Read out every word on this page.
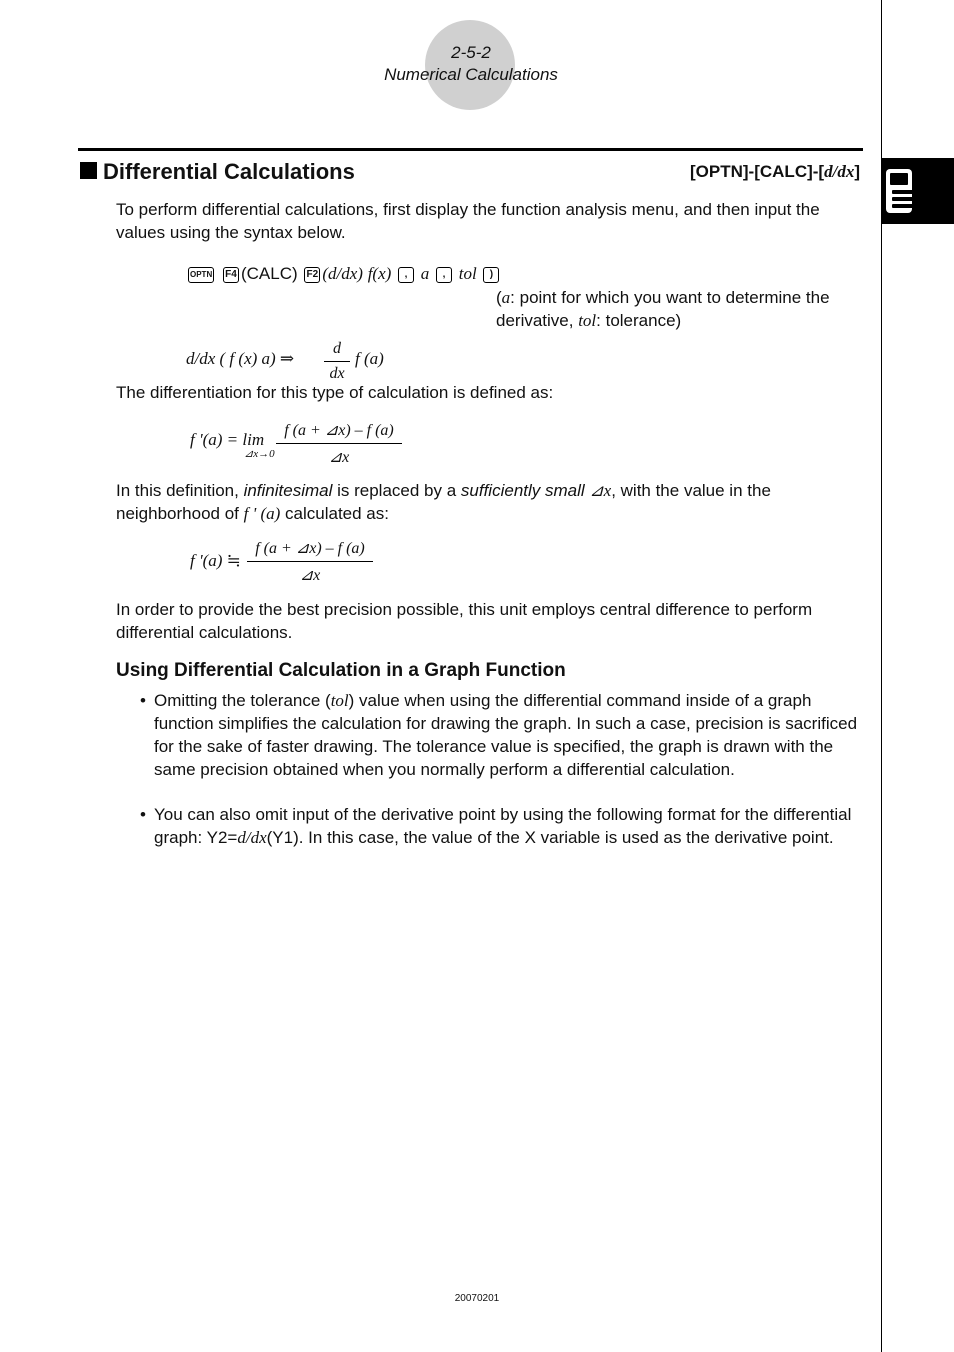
2-5-2
Numerical Calculations
Differential Calculations	[OPTN]-[CALC]-[d/dx]
To perform differential calculations, first display the function analysis menu, and then input the values using the syntax below.
OPTN F4 (CALC) F2 (d/dx) f(x) , a , tol )
(a: point for which you want to determine the derivative, tol: tolerance)
d/dx ( f (x) a) ⇒
d
dx
f (a)
The differentiation for this type of calculation is defined as:
f '(a) = lim
⊿x→0
f (a + ⊿x) – f (a)
⊿x
In this definition, infinitesimal is replaced by a sufficiently small ⊿x, with the value in the neighborhood of f ' (a) calculated as:
f '(a) ≒
f (a + ⊿x) – f (a)
⊿x
In order to provide the best precision possible, this unit employs central difference to perform differential calculations.
Using Differential Calculation in a Graph Function
• Omitting the tolerance (tol) value when using the differential command inside of a graph function simplifies the calculation for drawing the graph. In such a case, precision is sacrificed for the sake of faster drawing. The tolerance value is specified, the graph is drawn with the same precision obtained when you normally perform a differential calculation.
• You can also omit input of the derivative point by using the following format for the differential graph: Y2=d/dx(Y1). In this case, the value of the X variable is used as the derivative point.
20070201
